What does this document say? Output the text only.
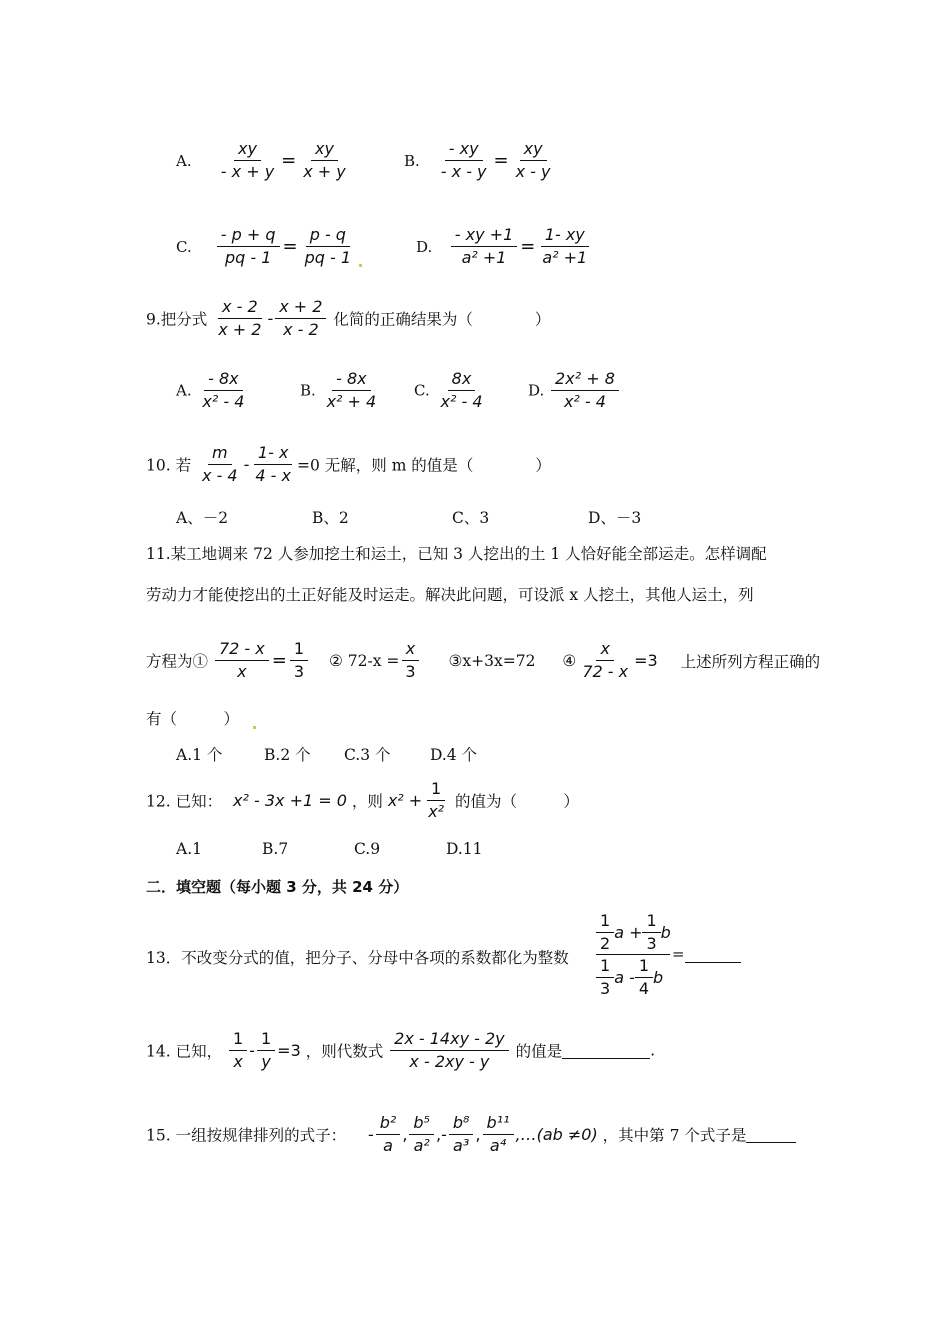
A. $\frac{xy}{- x + y} = \frac{xy}{x + y}$	B. $\frac{- xy}{- x - y} = \frac{xy}{x - y}$
C. $\frac{- p + q}{pq - 1} = \frac{p - q}{pq - 1}$	D. $\frac{- xy +1}{\text{a² +1}} = \frac{1- xy}{\text{a² +1}}$
9.把分式 $\frac{x - 2}{x + 2} - \frac{x + 2}{x - 2}$ 化简的正确结果为（　　　　）
A. $\frac{- 8x}{\text{x² - 4}}$	B. $\frac{- 8x}{\text{x² + 4}} C$. $\frac{8x}{\text{x² - 4}}$	D. $\frac{\text{2x² + 8}}{\text{x² - 4}}$
10. 若 $\frac{m}{x - 4} - \frac{1- x}{4 - x} =0$ 无解，则 m 的值是（　　　　）
A、－2	B、2	C、3	D、－3
11.某工地调来 72 人参加挖土和运土，已知 3 人挖出的土 1 人恰好能全部运走。怎样调配
劳动力才能使挖出的土正好能及时运走。解决此问题，可设派 x 人挖土，其他人运土，列
方程为① $\frac{72 - x}{x} = \frac{1}{3}$ ② $72-x = \frac{x}{3}$ ③x+3x=72 ④ $\frac{x}{72 - x} =3$ 上述所列方程正确的
有（　　　）
A.1 个	B.2 个 C.3 个	D.4 个
12. 已知： x² - 3x +1 = 0 ，则 $x^2 + \frac{1}{\text{x²}}$ 的值为（　　　）
A.1	B.7	C.9	D.11
二．填空题（每小题 3 分，共 24 分）
13．不改变分式的值，把分子、分母中各项的系数都化为整数 $\frac{\frac{1}{2} a + \frac{1}{3} b}{\frac{1}{3} a - \frac{1}{4} b}$ =
14. 已知， $\frac{1}{x} - \frac{1}{y} =3$ ，则代数式 $\frac{2x - 14xy - 2y}{x - 2xy - y}$ 的值是	.
15. 一组按规律排列的式子： - $\frac{\text{b²}}{a}$ , $\frac{\text{b⁵}}{\text{a²}}$ ,- $\frac{\text{b⁸}}{\text{a³}}$ , $\frac{\text{b¹¹}}{\text{a⁴}}$ ,…(ab ≠0) ，其中第 7 个式子是
